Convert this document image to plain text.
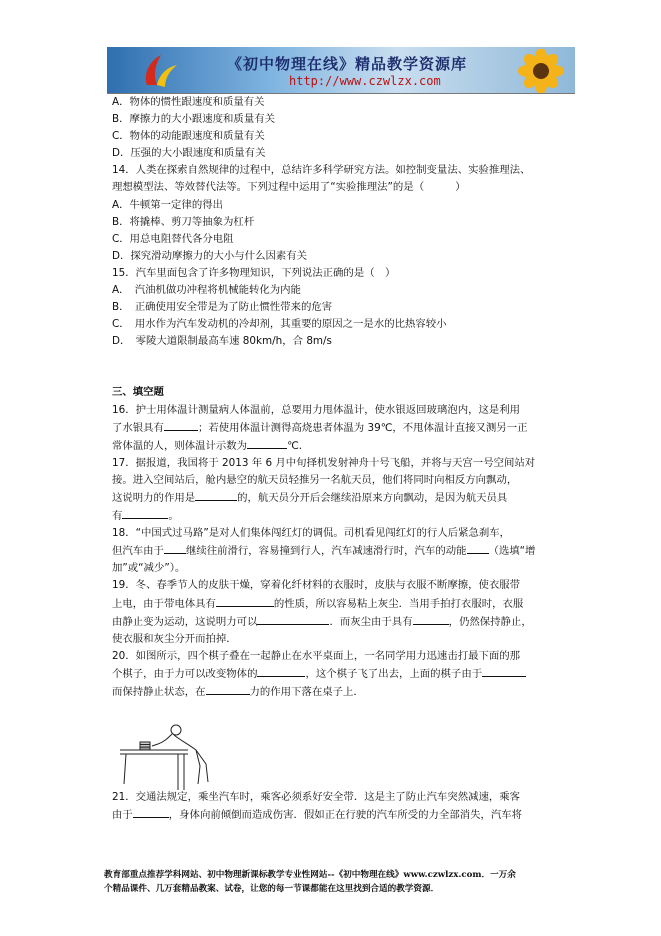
《初中物理在线》精品教学资源库
http://www.czwlzx.com

A．物体的惯性跟速度和质量有关

B．摩擦力的大小跟速度和质量有关

C．物体的动能跟速度和质量有关

D．压强的大小跟速度和质量有关

14．人类在探索自然规律的过程中，总结许多科学研究方法。如控制变量法、实验推理法、

理想模型法、等效替代法等。下列过程中运用了“实验推理法”的是（　　　）

A．牛顿第一定律的得出

B．将撬棒、剪刀等抽象为杠杆

C．用总电阻替代各分电阻

D．探究滑动摩擦力的大小与什么因素有关

15．汽车里面包含了许多物理知识，下列说法正确的是（　）

A．　汽油机做功冲程将机械能转化为内能

B．　正确使用安全带是为了防止惯性带来的危害

C．　用水作为汽车发动机的冷却剂，其重要的原因之一是水的比热容较小

D．　零陵大道限制最高车速 80km/h，合 8m/s

三、填空题

16．护士用体温计测量病人体温前，总要用力甩体温计，使水银返回玻璃泡内，这是利用

了水银具有	；若使用体温计测得高烧患者体温为 39℃，不甩体温计直接又测另一正

常体温的人，则体温计示数为	℃.

17．据报道，我国将于 2013 年 6 月中旬择机发射神舟十号飞船，并将与天宫一号空间站对

接。进入空间站后，舱内悬空的航天员轻推另一名航天员，他们将同时向相反方向飘动，

这说明力的作用是	的，航天员分开后会继续沿原来方向飘动，是因为航天员具

有	。

18．“中国式过马路”是对人们集体闯红灯的调侃。司机看见闯红灯的行人后紧急刹车，

但汽车由于 继续往前滑行，容易撞到行人，汽车减速滑行时，汽车的动能 （选填“增

加”或“减少”）。

19．冬、春季节人的皮肤干燥，穿着化纤材料的衣服时，皮肤与衣服不断摩擦，使衣服带

上电，由于带电体具有	的性质，所以容易粘上灰尘．当用手拍打衣服时，衣服

由静止变为运动，这说明力可以	．而灰尘由于具有	，仍然保持静止，

使衣服和灰尘分开而拍掉．

20．如图所示，四个棋子叠在一起静止在水平桌面上，一名同学用力迅速击打最下面的那

个棋子，由于力可以改变物体的	，这个棋子飞了出去，上面的棋子由于

而保持静止状态，在	力的作用下落在桌子上．

21．交通法规定，乘坐汽车时，乘客必须系好安全带．这是主了防止汽车突然减速，乘客

由于	，身体向前倾倒而造成伤害．假如正在行驶的汽车所受的力全部消失，汽车将

教育部重点推荐学科网站、初中物理新课标教学专业性网站--《初中物理在线》www.czwlzx.com．一万余

个精品课件、几万套精品教案、试卷，让您的每一节课都能在这里找到合适的教学资源．
